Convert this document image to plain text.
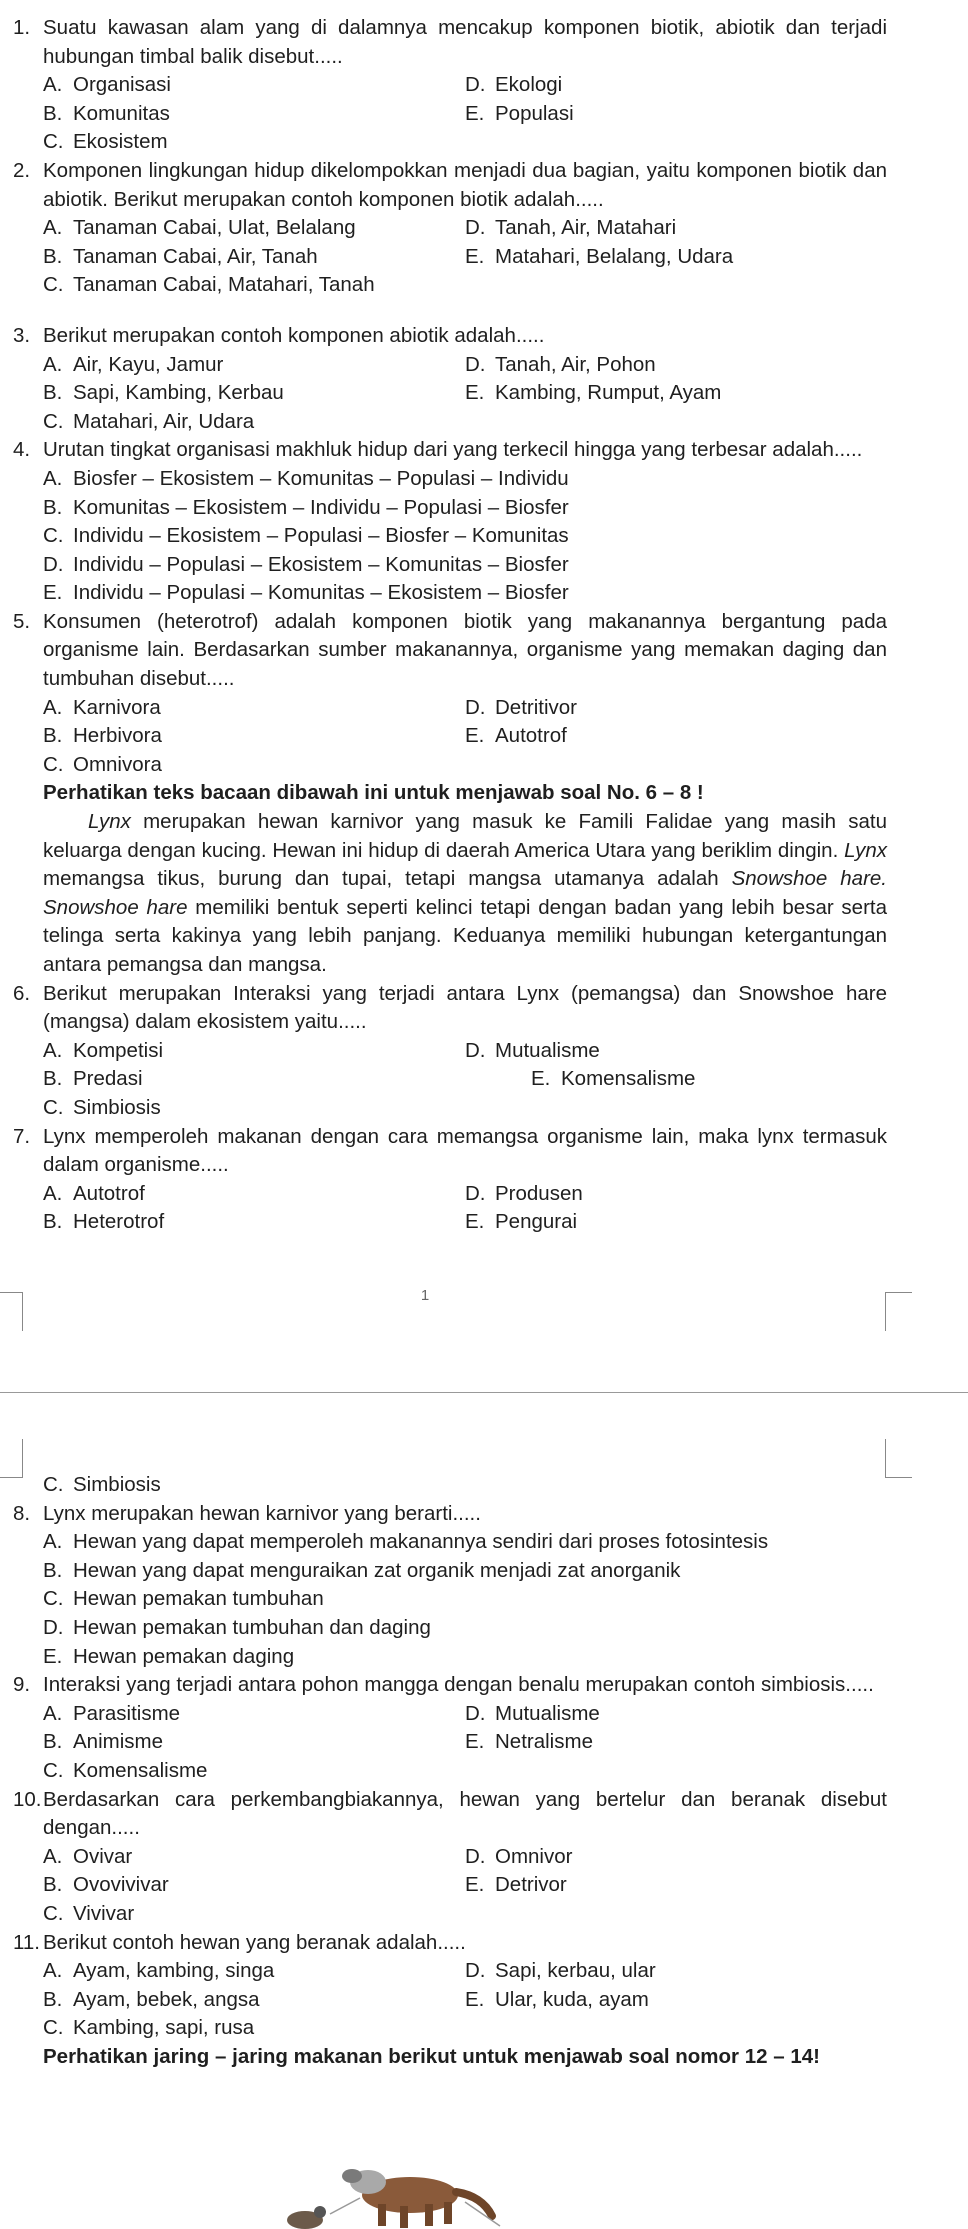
1. Suatu kawasan alam yang di dalamnya mencakup komponen biotik, abiotik dan terjadi hubungan timbal balik disebut.....
A. Organisasi	D. Ekologi
B. Komunitas	E. Populasi
C. Ekosistem
2. Komponen lingkungan hidup dikelompokkan menjadi dua bagian, yaitu komponen biotik dan abiotik. Berikut merupakan contoh komponen biotik adalah.....
A. Tanaman Cabai, Ulat, Belalang	D. Tanah, Air, Matahari
B. Tanaman Cabai, Air, Tanah	E. Matahari, Belalang, Udara
C. Tanaman Cabai, Matahari, Tanah
3. Berikut merupakan contoh komponen abiotik adalah.....
A. Air, Kayu, Jamur	D. Tanah, Air, Pohon
B. Sapi, Kambing, Kerbau	E. Kambing, Rumput, Ayam
C. Matahari, Air, Udara
4. Urutan tingkat organisasi makhluk hidup dari yang terkecil hingga yang terbesar adalah.....
A. Biosfer – Ekosistem – Komunitas – Populasi – Individu
B. Komunitas – Ekosistem – Individu – Populasi – Biosfer
C. Individu – Ekosistem – Populasi – Biosfer – Komunitas
D. Individu – Populasi – Ekosistem – Komunitas – Biosfer
E. Individu – Populasi – Komunitas – Ekosistem – Biosfer
5. Konsumen (heterotrof) adalah komponen biotik yang makanannya bergantung pada organisme lain. Berdasarkan sumber makanannya, organisme yang memakan daging dan tumbuhan disebut.....
A. Karnivora	D. Detritivor
B. Herbivora	E. Autotrof
C. Omnivora
Perhatikan teks bacaan dibawah ini untuk menjawab soal No. 6 – 8 !
Lynx merupakan hewan karnivor yang masuk ke Famili Falidae yang masih satu keluarga dengan kucing. Hewan ini hidup di daerah America Utara yang beriklim dingin. Lynx memangsa tikus, burung dan tupai, tetapi mangsa utamanya adalah Snowshoe hare. Snowshoe hare memiliki bentuk seperti kelinci tetapi dengan badan yang lebih besar serta telinga serta kakinya yang lebih panjang. Keduanya memiliki hubungan ketergantungan antara pemangsa dan mangsa.
6. Berikut merupakan Interaksi yang terjadi antara Lynx (pemangsa) dan Snowshoe hare (mangsa) dalam ekosistem yaitu.....
A. Kompetisi	D. Mutualisme
B. Predasi	E. Komensalisme
C. Simbiosis
7. Lynx memperoleh makanan dengan cara memangsa organisme lain, maka lynx termasuk dalam organisme.....
A. Autotrof	D. Produsen
B. Heterotrof	E. Pengurai
1
C. Simbiosis
8. Lynx merupakan hewan karnivor yang berarti.....
A. Hewan yang dapat memperoleh makanannya sendiri dari proses fotosintesis
B. Hewan yang dapat menguraikan zat organik menjadi zat anorganik
C. Hewan pemakan tumbuhan
D. Hewan pemakan tumbuhan dan daging
E. Hewan pemakan daging
9. Interaksi yang terjadi antara pohon mangga dengan benalu merupakan contoh simbiosis.....
A. Parasitisme	D. Mutualisme
B. Animisme	E. Netralisme
C. Komensalisme
10. Berdasarkan cara perkembangbiakannya, hewan yang bertelur dan beranak disebut dengan.....
A. Ovivar	D. Omnivor
B. Ovovivivar	E. Detrivor
C. Vivivar
11. Berikut contoh hewan yang beranak adalah.....
A. Ayam, kambing, singa	D. Sapi, kerbau, ular
B. Ayam, bebek, angsa	E. Ular, kuda, ayam
C. Kambing, sapi, rusa
Perhatikan jaring – jaring makanan berikut untuk menjawab soal nomor 12 – 14!
